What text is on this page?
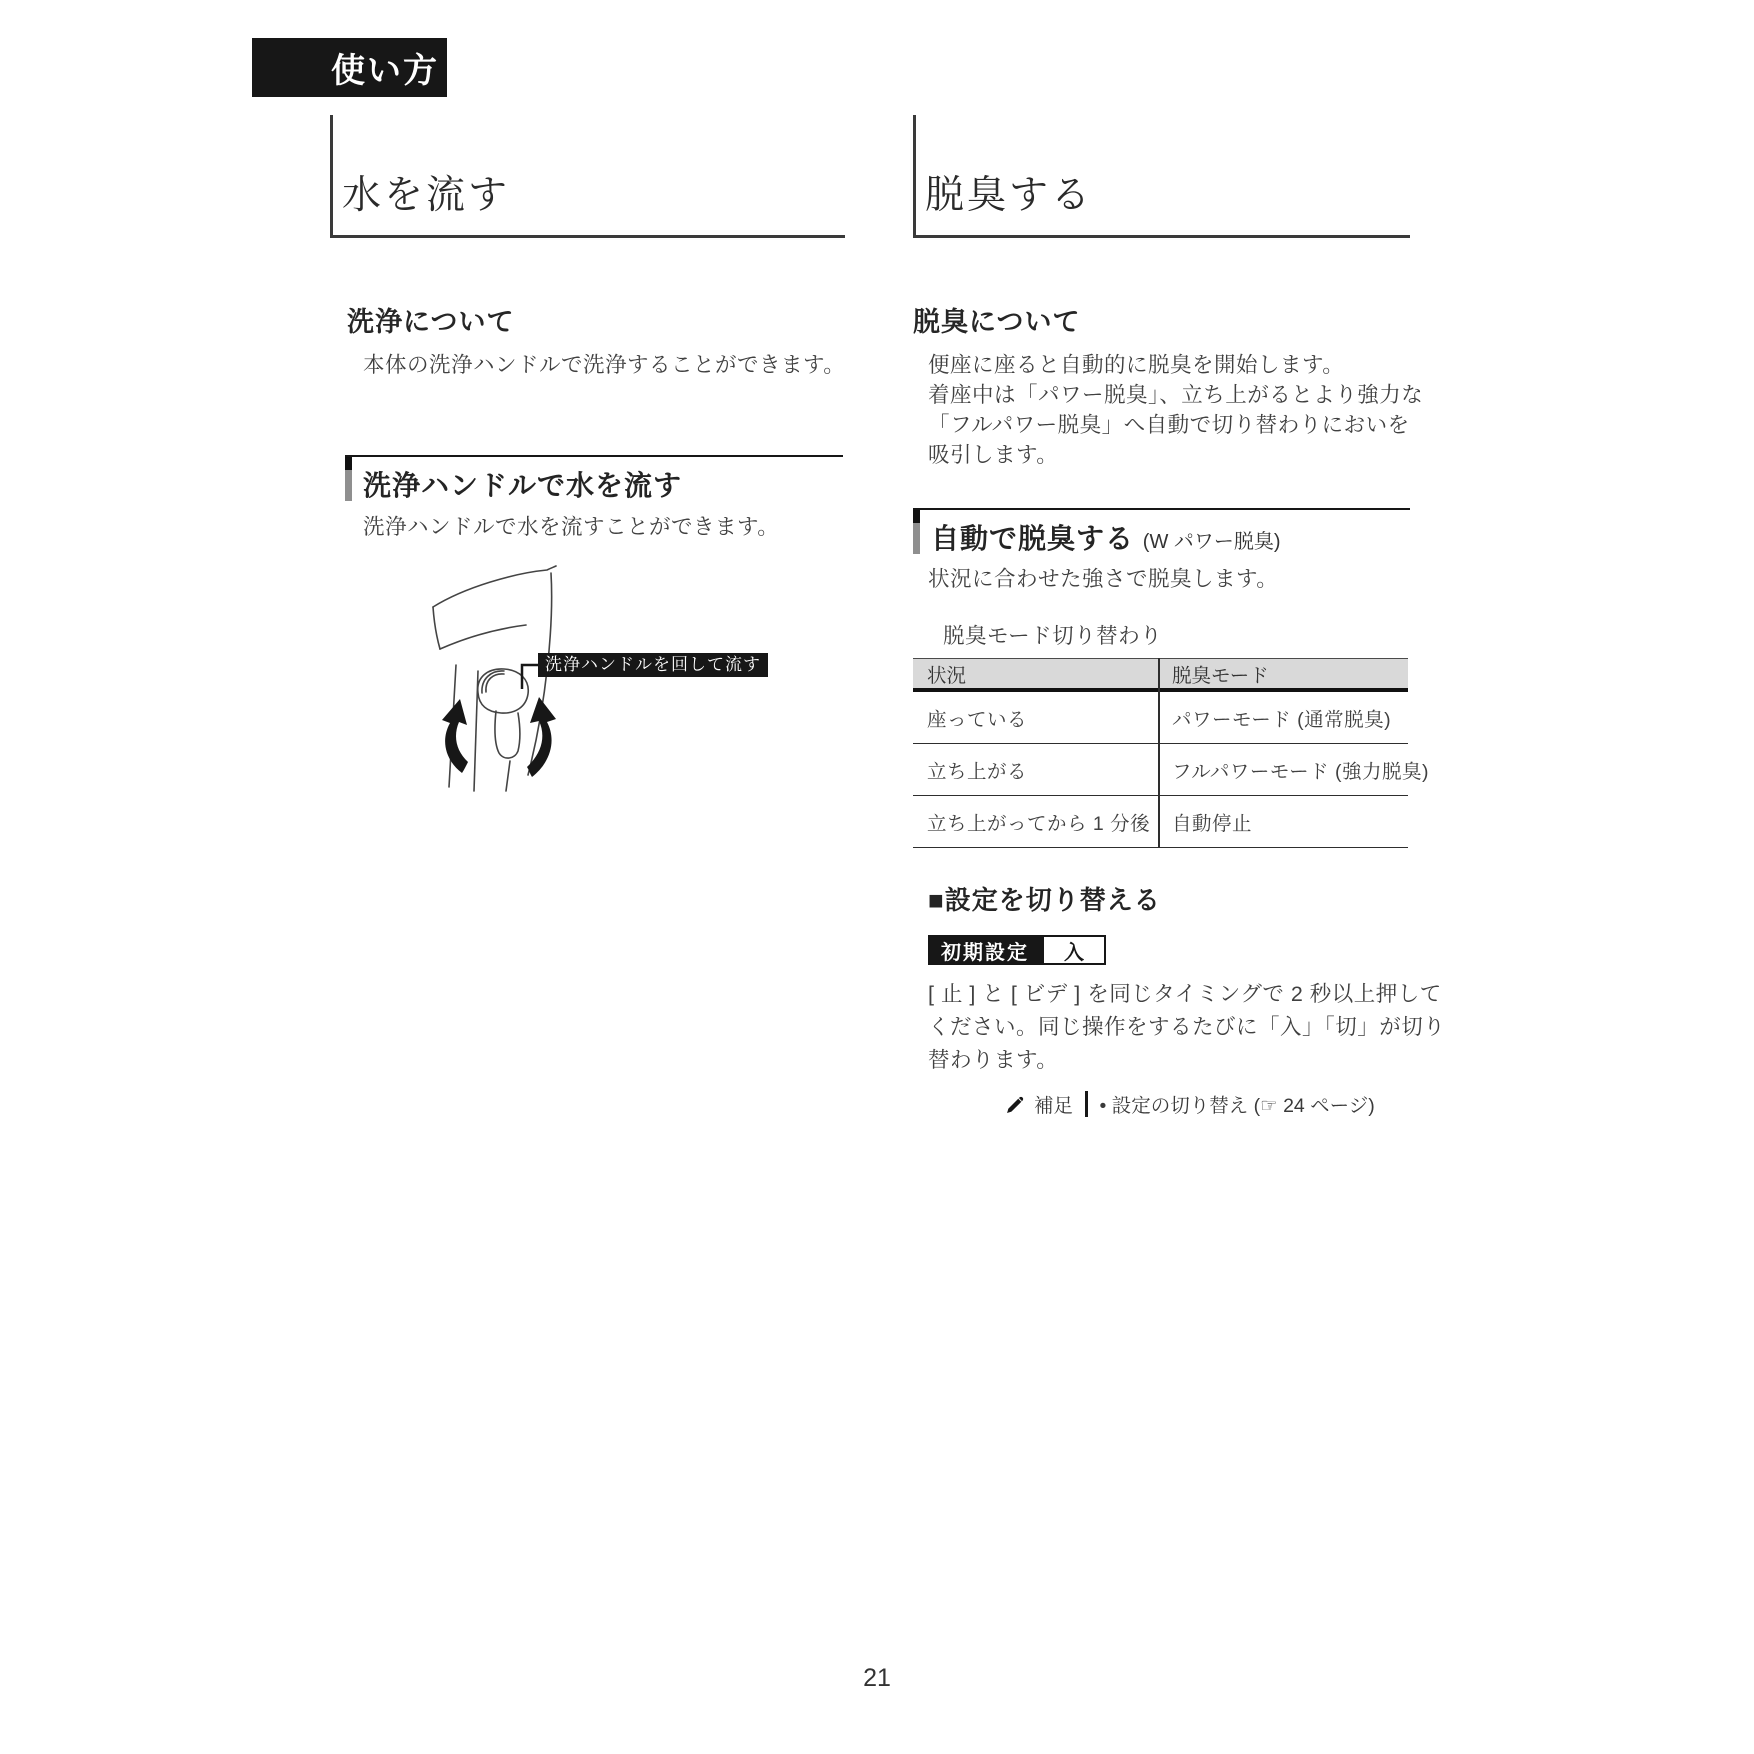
使い方
水を流す
洗浄について
本体の洗浄ハンドルで洗浄することができます。
洗浄ハンドルで水を流す
洗浄ハンドルで水を流すことができます。
洗浄ハンドルを回して流す
脱臭する
脱臭について
便座に座ると自動的に脱臭を開始します。
着座中は「パワー脱臭」、立ち上がるとより強力な
「フルパワー脱臭」へ自動で切り替わりにおいを
吸引します。
自動で脱臭する (W パワー脱臭)
状況に合わせた強さで脱臭します。
脱臭モード切り替わり
状況	脱臭モード
座っている	パワーモード (通常脱臭)
立ち上がる	フルパワーモード (強力脱臭)
立ち上がってから 1 分後	自動停止
■設定を切り替える
初期設定	入
[ 止 ] と [ ビデ ] を同じタイミングで 2 秒以上押して
ください。同じ操作をするたびに「入」「切」が切り
替わります。
補足 • 設定の切り替え (☞ 24 ページ)
21
